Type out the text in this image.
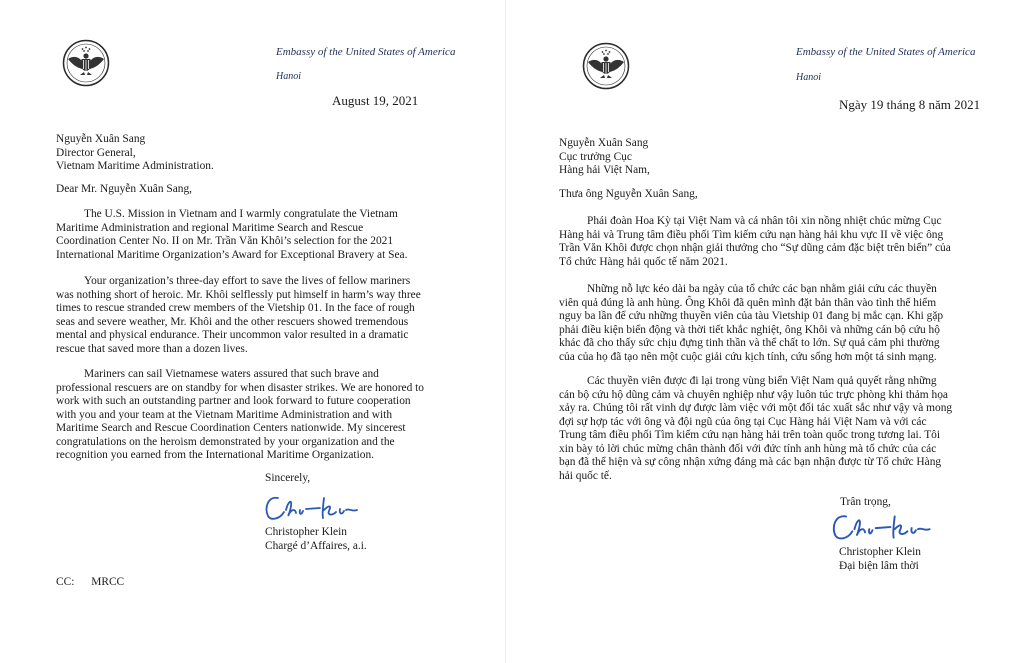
Embassy of the United States of America
Hanoi
August 19, 2021
Nguyễn Xuân Sang
Director General,
Vietnam Maritime Administration.
Dear Mr. Nguyễn Xuân Sang,
The U.S. Mission in Vietnam and I warmly congratulate the Vietnam
Maritime Administration and regional Maritime Search and Rescue
Coordination Center No. II on Mr. Trần Văn Khôi’s selection for the 2021
International Maritime Organization’s Award for Exceptional Bravery at Sea.
Your organization’s three-day effort to save the lives of fellow mariners
was nothing short of heroic. Mr. Khôi selflessly put himself in harm’s way three
times to rescue stranded crew members of the Vietship 01. In the face of rough
seas and severe weather, Mr. Khôi and the other rescuers showed tremendous
mental and physical endurance. Their uncommon valor resulted in a dramatic
rescue that saved more than a dozen lives.
Mariners can sail Vietnamese waters assured that such brave and
professional rescuers are on standby for when disaster strikes. We are honored to
work with such an outstanding partner and look forward to future cooperation
with you and your team at the Vietnam Maritime Administration and with
Maritime Search and Rescue Coordination Centers nationwide. My sincerest
congratulations on the heroism demonstrated by your organization and the
recognition you earned from the International Maritime Organization.
Sincerely,
Christopher Klein
Chargé d’Affaires, a.i.
CC: MRCC
Embassy of the United States of America
Hanoi
Ngày 19 tháng 8 năm 2021
Nguyễn Xuân Sang
Cục trưởng Cục
Hàng hải Việt Nam,
Thưa ông Nguyễn Xuân Sang,
Phái đoàn Hoa Kỳ tại Việt Nam và cá nhân tôi xin nồng nhiệt chúc mừng Cục
Hàng hải và Trung tâm điều phối Tìm kiếm cứu nạn hàng hải khu vực II về việc ông
Trần Văn Khôi được chọn nhận giải thưởng cho “Sự dũng cảm đặc biệt trên biển” của
Tổ chức Hàng hải quốc tế năm 2021.
Những nỗ lực kéo dài ba ngày của tổ chức các bạn nhằm giải cứu các thuyền
viên quả đúng là anh hùng. Ông Khôi đã quên mình đặt bản thân vào tình thế hiểm
nguy ba lần để cứu những thuyền viên của tàu Vietship 01 đang bị mắc cạn. Khi gặp
phải điều kiện biển động và thời tiết khắc nghiệt, ông Khôi và những cán bộ cứu hộ
khác đã cho thấy sức chịu đựng tinh thần và thể chất to lớn. Sự quả cảm phi thường
của của họ đã tạo nên một cuộc giải cứu kịch tính, cứu sống hơn một tá sinh mạng.
Các thuyền viên được đi lại trong vùng biển Việt Nam quả quyết rằng những
cán bộ cứu hộ dũng cảm và chuyên nghiệp như vậy luôn túc trực phòng khi thảm họa
xảy ra. Chúng tôi rất vinh dự được làm việc với một đối tác xuất sắc như vậy và mong
đợi sự hợp tác với ông và đội ngũ của ông tại Cục Hàng hải Việt Nam và với các
Trung tâm điều phối Tìm kiếm cứu nạn hàng hải trên toàn quốc trong tương lai. Tôi
xin bày tỏ lời chúc mừng chân thành đối với đức tính anh hùng mà tổ chức của các
bạn đã thể hiện và sự công nhận xứng đáng mà các bạn nhận được từ Tổ chức Hàng
hải quốc tế.
Trân trọng,
Christopher Klein
Đại biện lâm thời
